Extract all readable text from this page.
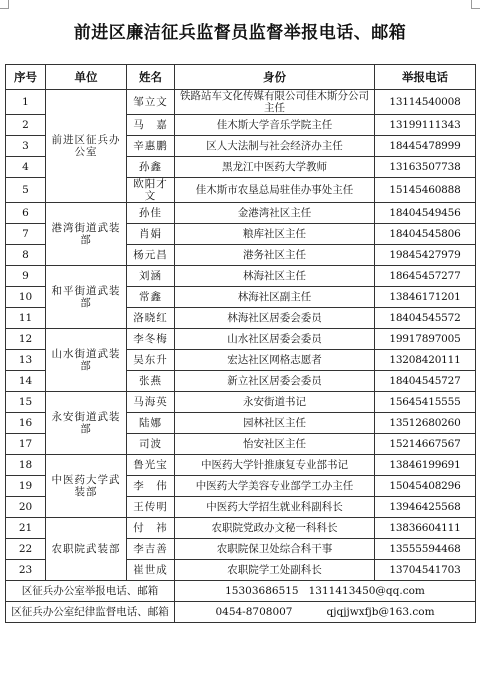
前进区廉洁征兵监督员监督举报电话、邮箱
序号	单位	姓名	身份	举报电话
1	前进区征兵办公室	邹立文	铁路站车文化传媒有限公司佳木斯分公司主任	13114540008
2		马　嘉	佳木斯大学音乐学院主任	13199111343
3		辛惠鹏	区人大法制与社会经济办主任	18445478999
4		孙鑫	黑龙江中医药大学教师	13163507738
5		欧阳才文	佳木斯市农垦总局驻佳办事处主任	15145460888
6	港湾街道武装部	孙佳	金港湾社区主任	18404549456
7		肖娟	粮库社区主任	18404545806
8		杨元昌	港务社区主任	19845427979
9	和平街道武装部	刘涵	林海社区主任	18645457277
10		常鑫	林海社区副主任	13846171201
11		洛晓红	林海社区居委会委员	18404545572
12	山水街道武装部	李冬梅	山水社区居委会委员	19917897005
13		吴东升	宏达社区网格志愿者	13208420111
14		张燕	新立社区居委会委员	18404545727
15	永安街道武装部	马海英	永安街道书记	15645415555
16		陆娜	园林社区主任	13512680260
17		司波	怡安社区主任	15214667567
18	中医药大学武装部	鲁光宝	中医药大学针推康复专业部书记	13846199691
19		李　伟	中医药大学美容专业部学工办主任	15045408296
20		王传明	中医药大学招生就业科副科长	13946425568
21	农职院武装部	付　祎	农职院党政办文秘一科科长	13836604111
22		李吉善	农职院保卫处综合科干事	13555594468
23		崔世成	农职院学工处副科长	13704541703
区征兵办公室举报电话、邮箱			15303686515 1311413450@qq.com	
区征兵办公室纪律监督电话、邮箱			0454-8708007 qjqjjwxfjb@163.com	
